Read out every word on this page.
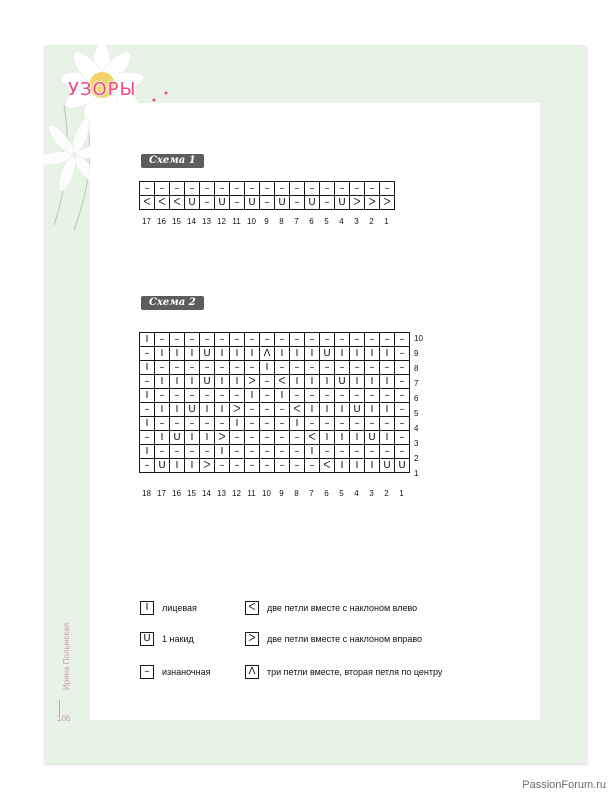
УЗОРЫ
Схема 1
–	–	–	–	–	–	–	–	–	–	–	–	–	–	–	–	–
ᐸ	ᐸ	ᐸ	U	–	U	–	U	–	U	–	U	–	U	ᐳ	ᐳ	ᐳ
17 16 15 14 13 12 11 10	9	8	7	6	5	4	3	2	1
Схема 2
I	–	–	–	–	–	–	–	–	–	–	–	–	–	–	–	–	–
–	I	I	I	U	I	I	I	Λ	I	I	I	U	I	I	I	I	–
I	–	–	–	–	–	–	–	I	–	–	–	–	–	–	–	–	–
–	I	I	I	U	I	I	ᐳ	–	ᐸ	I	I	I	U	I	I	I	–
I	–	–	–	–	–	–	I	–	I	–	–	–	–	–	–	–	–
–	I	I	U	I	I	ᐳ	–	–	–	ᐸ	I	I	I	U	I	I	–
I	–	–	–	–	–	I	–	–	–	I	–	–	–	–	–	–	–
–	I	U	I	I	ᐳ	–	–	–	–	–	ᐸ	I	I	I	U	I	–
I	–	–	–	–	I	–	–	–	–	–	I	–	–	–	–	–	–
–	U	I	I	ᐳ	–	–	–	–	–	–	–	ᐸ	I	I	I	U	U
10
9
8
7
6
5
4
3
2
1
18 17 16 15 14 13 12 11 10	9	8	7	6	5	4	3	2	1
I	лицевая
U	1 накид
–	изнаночная
ᐸ	две петли вместе с наклоном влево
ᐳ	две петли вместе с наклоном вправо
Λ	три петли вместе, вторая петля по центру
Ирина Полынская
106
PassionForum.ru
